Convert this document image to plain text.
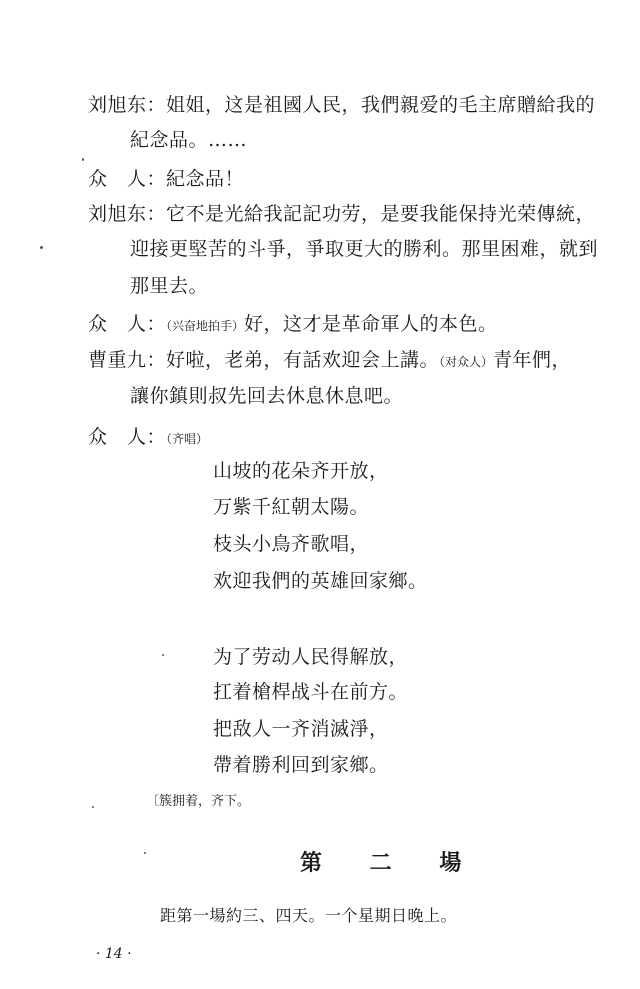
刘旭东：姐姐，这是祖國人民，我們親爱的毛主席贈給我的
紀念品。……
众　人：紀念品！
刘旭东：它不是光給我記記功劳，是要我能保持光荣傳統，
迎接更堅苦的斗爭，爭取更大的勝利。那里困难，就到
那里去。
众　人：（兴奋地拍手）好，这才是革命軍人的本色。
曹重九：好啦，老弟，有話欢迎会上講。（对众人）青年們，
讓你鎮則叔先回去休息休息吧。
众　人：（齐唱）
山坡的花朵齐开放，
万紫千紅朝太陽。
枝头小鳥齐歌唱，
欢迎我們的英雄回家鄉。
为了劳动人民得解放，
扛着槍桿战斗在前方。
把敌人一齐消滅淨，
帶着勝利回到家鄉。
〔簇拥着，齐下。
第 二 場
距第一場約三、四天。一个星期日晚上。
· 14 ·
